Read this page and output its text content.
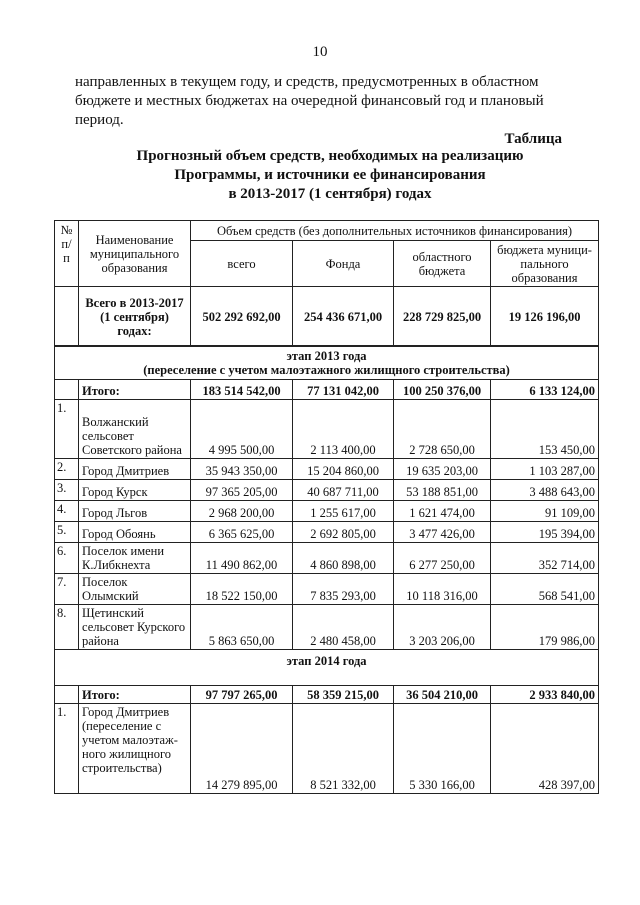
10
направленных в текущем году, и средств, предусмотренных в областном
бюджете и местных бюджетах на очередной финансовый год и плановый
период.
Таблица
Прогнозный объем средств, необходимых на реализацию
Программы, и источники ее финансирования
в 2013-2017 (1 сентября) годах
№ п/ п	Наименование муниципального образования	Объем средств (без дополнительных источников финансирования)			
		всего	Фонда	областного бюджета	бюджета муници-пального образования
	Всего в 2013-2017 (1 сентября) годах:	502 292 692,00	254 436 671,00	228 729 825,00	19 126 196,00
этап 2013 года
(переселение с учетом малоэтажного жилищного строительства)					

	Итого:	183 514 542,00	77 131 042,00	100 250 376,00	6 133 124,00
1.	Волжанский сельсовет Советского района	4 995 500,00	2 113 400,00	2 728 650,00	153 450,00
2.	Город Дмитриев	35 943 350,00	15 204 860,00	19 635 203,00	1 103 287,00
3.	Город Курск	97 365 205,00	40 687 711,00	53 188 851,00	3 488 643,00
4.	Город Льгов	2 968 200,00	1 255 617,00	1 621 474,00	91 109,00
5.	Город Обоянь	6 365 625,00	2 692 805,00	3 477 426,00	195 394,00
6.	Поселок имени К.Либкнехта	11 490 862,00	4 860 898,00	6 277 250,00	352 714,00
7.	Поселок Олымский	18 522 150,00	7 835 293,00	10 118 316,00	568 541,00
8.	Щетинский сельсовет Курского района	5 863 650,00	2 480 458,00	3 203 206,00	179 986,00
этап 2014 года					
	Итого:	97 797 265,00	58 359 215,00	36 504 210,00	2 933 840,00
1.	Город Дмитриев (переселение с учетом малоэтаж-ного жилищного строительства)	14 279 895,00	8 521 332,00	5 330 166,00	428 397,00
